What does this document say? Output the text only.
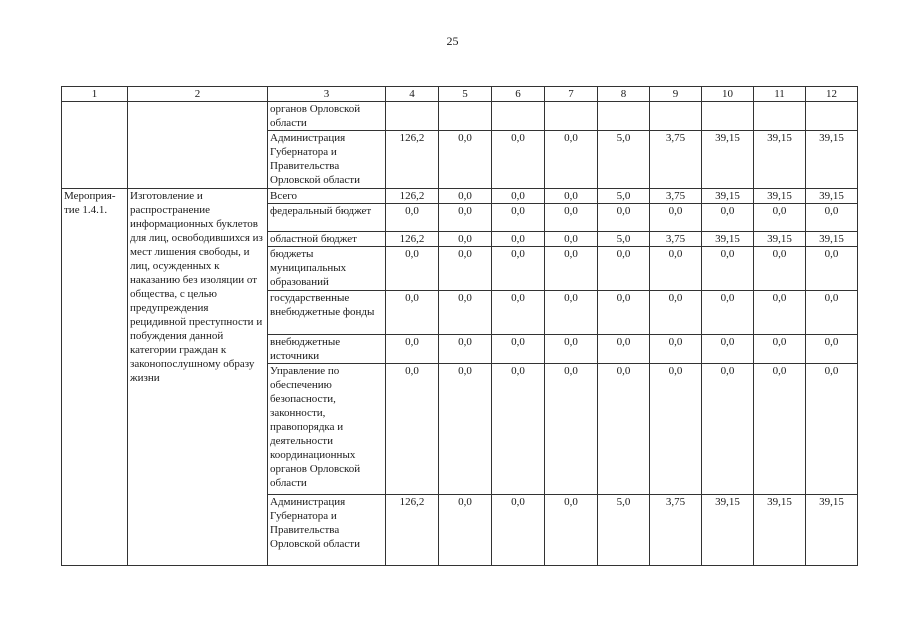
25
1	2	3	4	5	6	7	8	9	10	11	12
		органов Орловской области									
		Администрация Губернатора и Правительства Орловской области	126,2	0,0	0,0	0,0	5,0	3,75	39,15	39,15	39,15
Мероприя-тие 1.4.1.	Изготовление и распространение информационных буклетов для лиц, освободившихся из мест лишения свободы, и лиц, осужденных к наказанию без изоляции от общества, с целью предупреждения рецидивной преступности и побуждения данной категории граждан к законопослушному образу жизни	Всего	126,2	0,0	0,0	0,0	5,0	3,75	39,15	39,15	39,15
		федеральный бюджет	0,0	0,0	0,0	0,0	0,0	0,0	0,0	0,0	0,0
		областной бюджет	126,2	0,0	0,0	0,0	5,0	3,75	39,15	39,15	39,15
		бюджеты муниципальных образований	0,0	0,0	0,0	0,0	0,0	0,0	0,0	0,0	0,0
		государственные внебюджетные фонды	0,0	0,0	0,0	0,0	0,0	0,0	0,0	0,0	0,0
		внебюджетные источники	0,0	0,0	0,0	0,0	0,0	0,0	0,0	0,0	0,0
		Управление по обеспечению безопасности, законности, правопорядка и деятельности координационных органов Орловской области	0,0	0,0	0,0	0,0	0,0	0,0	0,0	0,0	0,0
		Администрация Губернатора и Правительства Орловской области	126,2	0,0	0,0	0,0	5,0	3,75	39,15	39,15	39,15
